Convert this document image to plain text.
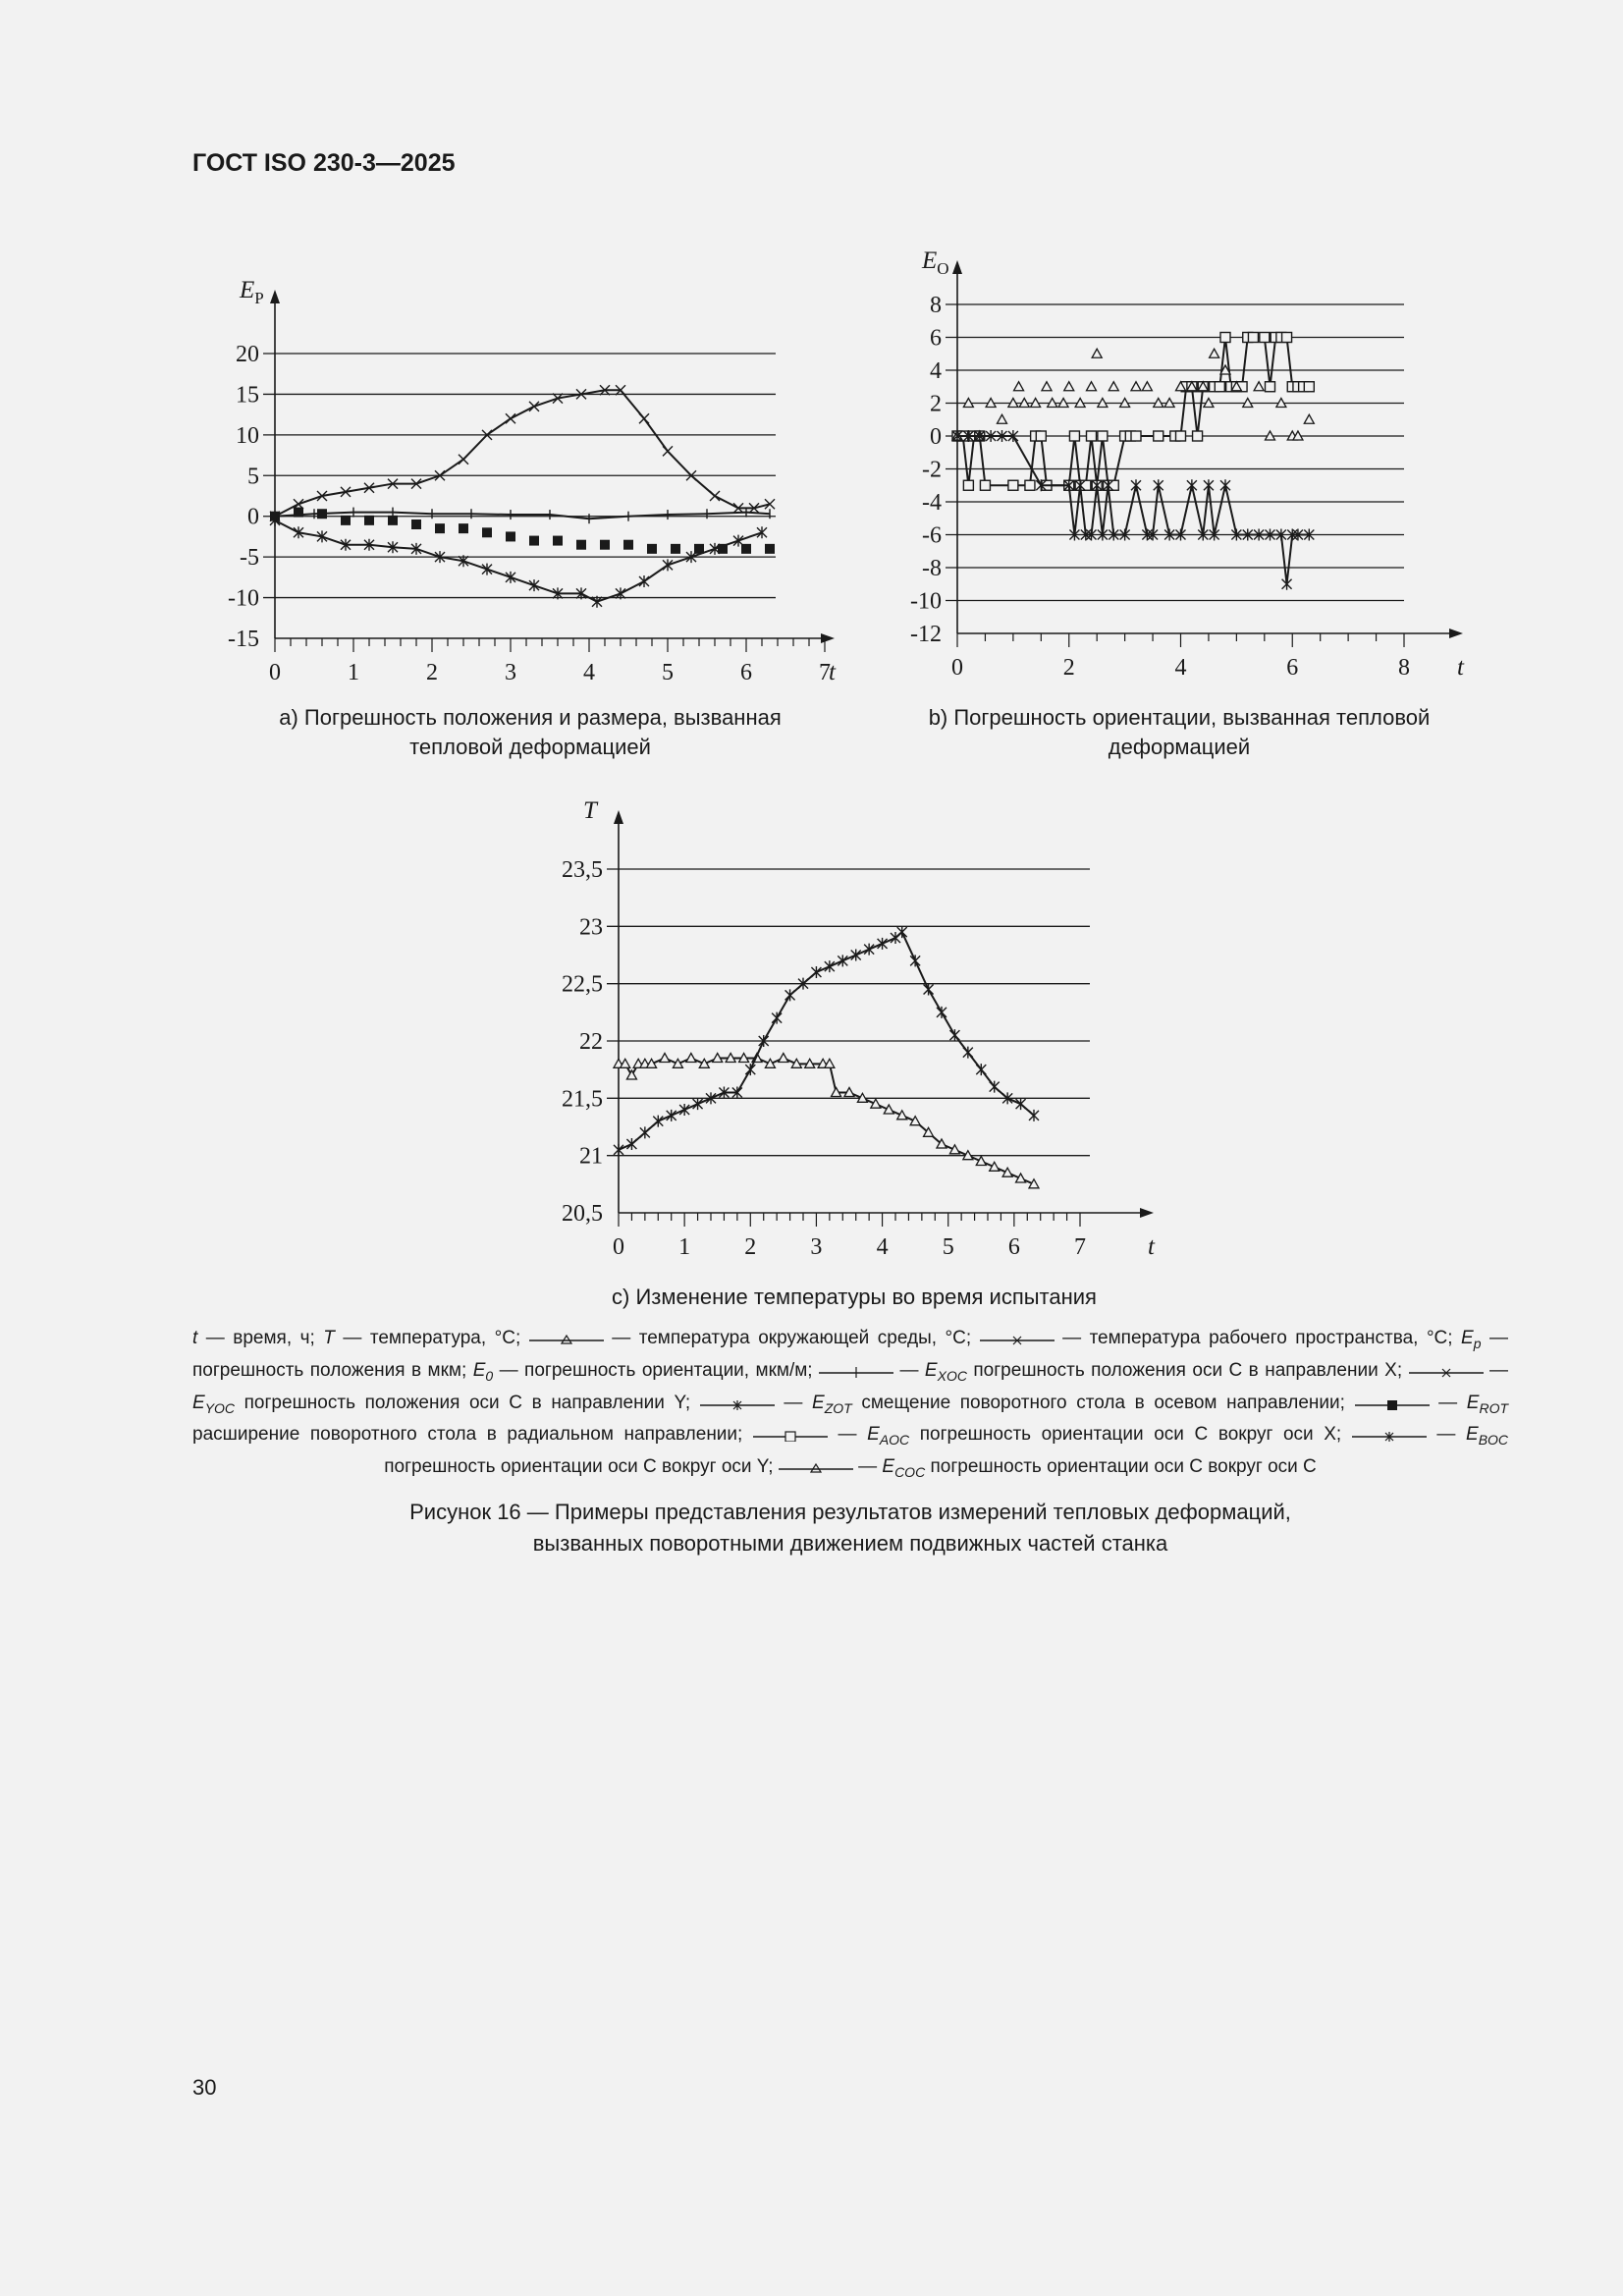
ГОСТ ISO 230-3—2025
20
15
10
5
0
-5
-10
-15
0	1	2	3	4	5	6	7
$E_P$
t
8
6
4
2
0
-2
-4
-6
-8
-10
-12
0	2	4	6	8
$E_O$
t
23,5
23
22,5
22
21,5
21
20,5
0 1 2 3 4 5 6 7
T
t
а) Погрешность положения и размера, вызванная тепловой деформацией
b) Погрешность ориентации, вызванная тепловой деформацией
с) Изменение температуры во время испытания
t — время, ч; T — температура, °С;	— температура окружающей среды, °С;	— температура рабочего пространства, °С; $E_p$ — погрешность положения в мкм; $E_0$ — погрешность ориентации, мкм/м;	— $E_{XOC}$ погрешность положения оси С в направлении X;	— $E_{YOC}$ погрешность положения оси С в направлении Y;	— $E_{ZOT}$ смещение поворотного стола в осевом направлении;	— $E_{ROT}$ расширение поворотного стола в радиальном направлении;	— $E_{AOC}$ погрешность ориентации оси С вокруг оси X;	— $E_{BOC}$ погрешность ориентации оси С вокруг оси Y;	— $E_{COC}$ погрешность ориентации оси С вокруг оси С
Рисунок 16 — Примеры представления результатов измерений тепловых деформаций,
вызванных поворотными движением подвижных частей станка
30
